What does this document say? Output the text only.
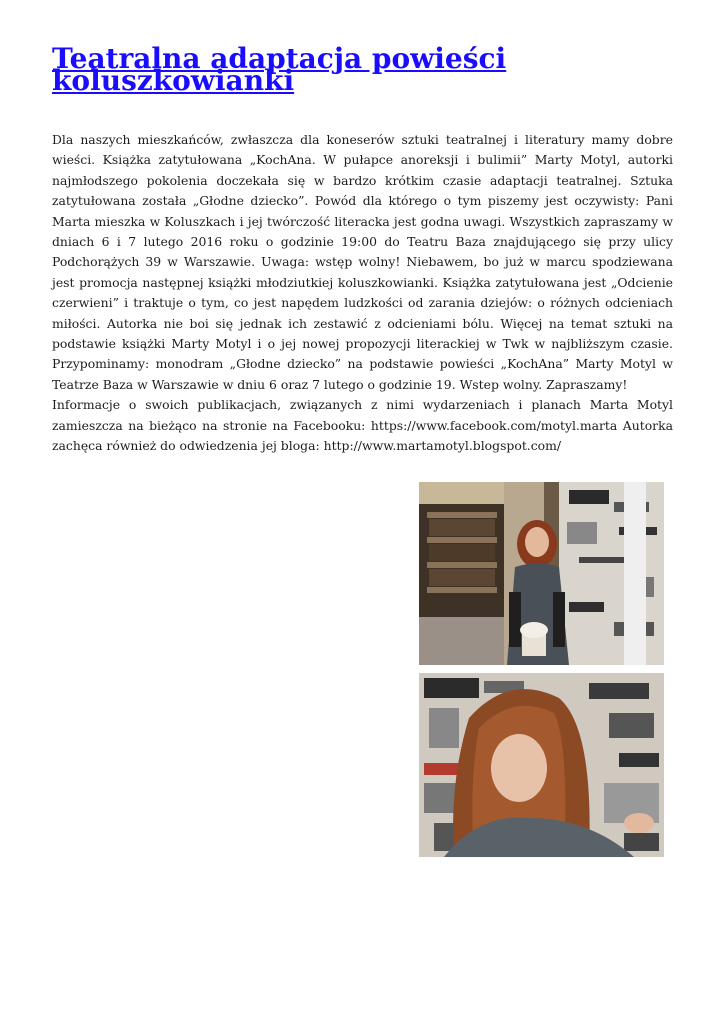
Teatralna adaptacja powieści koluszkowianki

Dla naszych mieszkańców, zwłaszcza dla koneserów sztuki teatralnej i literatury mamy dobre wieści. Książka zatytułowana „KochAna. W pułapce anoreksji i bulimii” Marty Motyl, autorki najmłodszego pokolenia doczekała się w bardzo krótkim czasie adaptacji teatralnej. Sztuka zatytułowana została „Głodne dziecko”. Powód dla którego o tym piszemy jest oczywisty: Pani Marta mieszka w Koluszkach i jej twórczość literacka jest godna uwagi. Wszystkich zapraszamy w dniach 6 i 7 lutego 2016 roku o godzinie 19:00 do Teatru Baza znajdującego się przy ulicy Podchorążych 39 w Warszawie. Uwaga: wstęp wolny! Niebawem, bo już w marcu spodziewana jest promocja następnej książki młodziutkiej koluszkowianki. Książka zatytułowana jest „Odcienie czerwieni” i traktuje o tym, co jest napędem ludzkości od zarania dziejów: o różnych odcieniach miłości. Autorka nie boi się jednak ich zestawić z odcieniami bólu. Więcej na temat sztuki na podstawie książki Marty Motyl i o jej nowej propozycji literackiej w Twk w najbliższym czasie. Przypominamy: monodram „Głodne dziecko” na podstawie powieści „KochAna” Marty Motyl w Teatrze Baza w Warszawie w dniu 6 oraz 7 lutego o godzinie 19. Wstep wolny. Zapraszamy!

Informacje o swoich publikacjach, związanych z nimi wydarzeniach i planach Marta Motyl zamieszcza na bieżąco na stronie na Facebooku: https://www.facebook.com/motyl.marta Autorka zachęca również do odwiedzenia jej bloga: http://www.martamotyl.blogspot.com/
